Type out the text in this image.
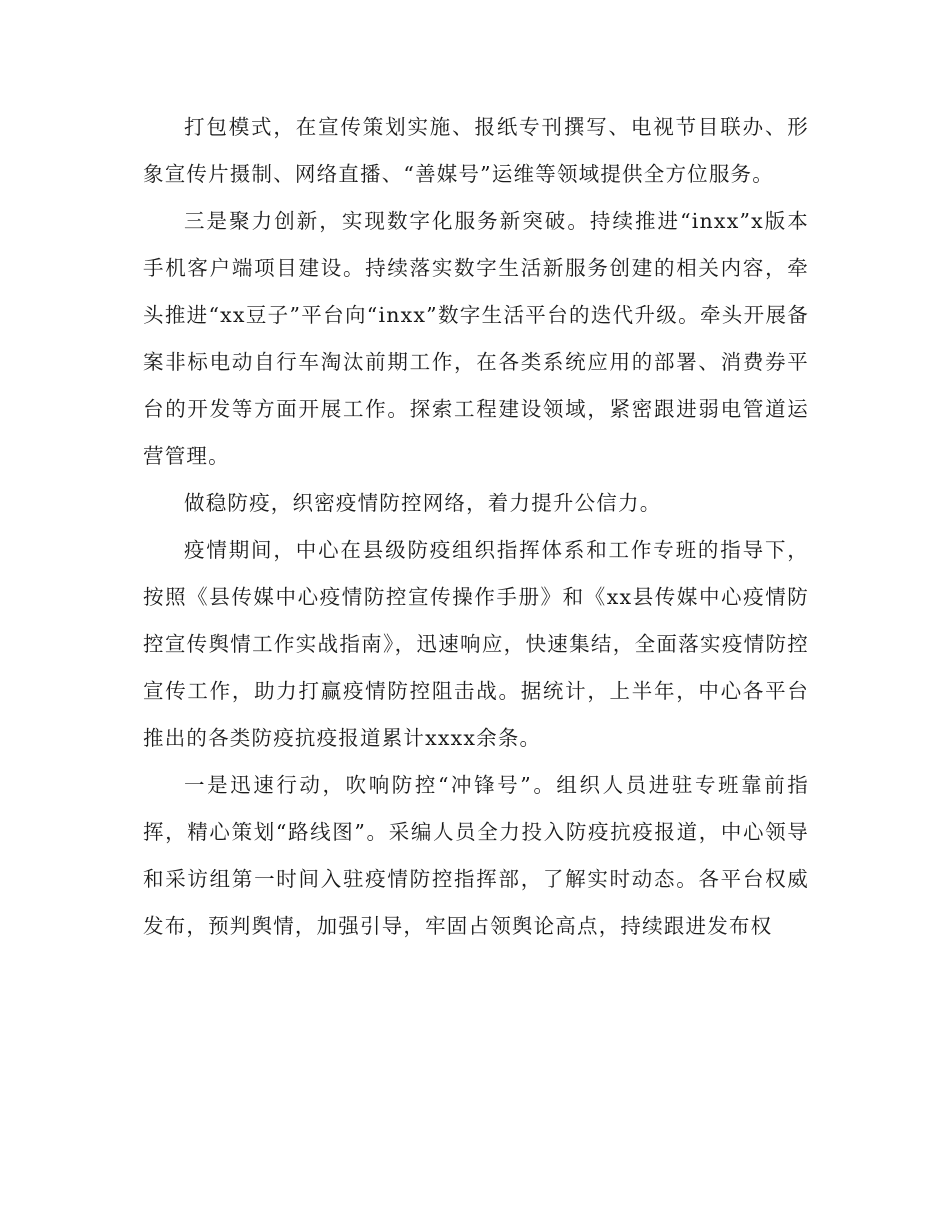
打包模式，在宣传策划实施、报纸专刊撰写、电视节目联办、形象宣传片摄制、网络直播、“善媒号”运维等领域提供全方位服务。

三是聚力创新，实现数字化服务新突破。持续推进“inxx”x版本手机客户端项目建设。持续落实数字生活新服务创建的相关内容，牵头推进“xx豆子”平台向“inxx”数字生活平台的迭代升级。牵头开展备案非标电动自行车淘汰前期工作，在各类系统应用的部署、消费券平台的开发等方面开展工作。探索工程建设领域，紧密跟进弱电管道运营管理。

做稳防疫，织密疫情防控网络，着力提升公信力。

疫情期间，中心在县级防疫组织指挥体系和工作专班的指导下，按照《县传媒中心疫情防控宣传操作手册》和《xx县传媒中心疫情防控宣传舆情工作实战指南》，迅速响应，快速集结，全面落实疫情防控宣传工作，助力打赢疫情防控阻击战。据统计，上半年，中心各平台推出的各类防疫抗疫报道累计xxxx余条。

一是迅速行动，吹响防控“冲锋号”。组织人员进驻专班靠前指挥，精心策划“路线图”。采编人员全力投入防疫抗疫报道，中心领导和采访组第一时间入驻疫情防控指挥部，了解实时动态。各平台权威发布，预判舆情，加强引导，牢固占领舆论高点，持续跟进发布权
